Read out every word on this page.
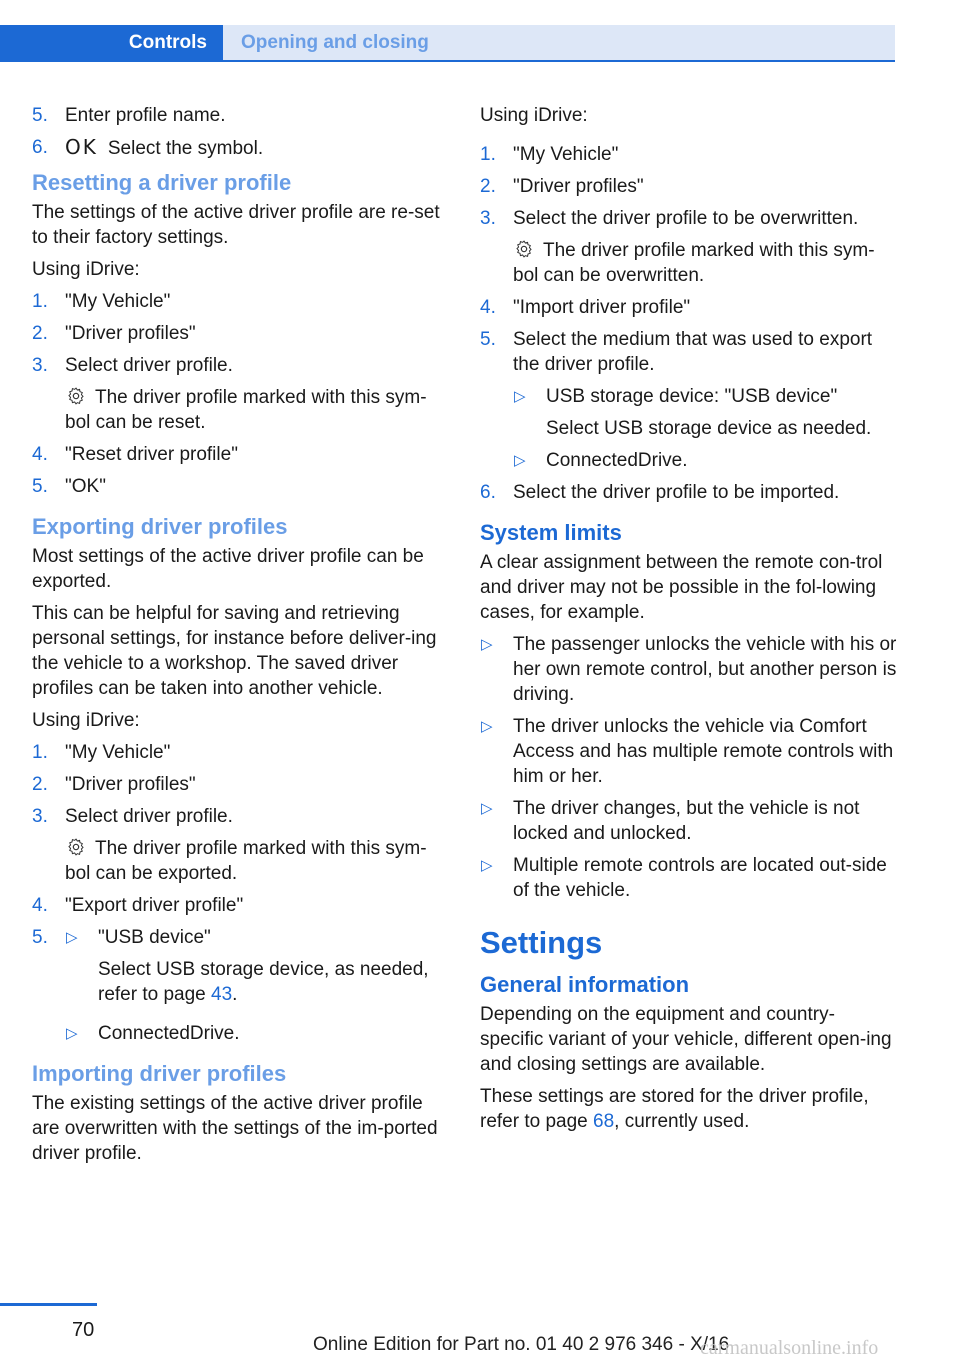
Controls	Opening and closing
5. Enter profile name.
6. OK Select the symbol.
Resetting a driver profile

The settings of the active driver profile are re-set to their factory settings.

Using iDrive:

1. "My Vehicle"
2. "Driver profiles"
3. Select driver profile.
The driver profile marked with this sym-bol can be reset.
4. "Reset driver profile"
5. "OK"
Exporting driver profiles

Most settings of the active driver profile can be exported.

This can be helpful for saving and retrieving personal settings, for instance before deliver-ing the vehicle to a workshop. The saved driver profiles can be taken into another vehicle.

Using iDrive:

1. "My Vehicle"
2. "Driver profiles"
3. Select driver profile.
The driver profile marked with this sym-bol can be exported.
4. "Export driver profile"
5. ▷ "USB device"
Select USB storage device, as needed, refer to page 43.
▷ ConnectedDrive.
Importing driver profiles

The existing settings of the active driver profile are overwritten with the settings of the im-ported driver profile.

Using iDrive:

1. "My Vehicle"
2. "Driver profiles"
3. Select the driver profile to be overwritten.
The driver profile marked with this sym-bol can be overwritten.
4. "Import driver profile"
5. Select the medium that was used to export the driver profile.
▷ USB storage device: "USB device"
Select USB storage device as needed.
▷ ConnectedDrive.
6. Select the driver profile to be imported.
System limits

A clear assignment between the remote con-trol and driver may not be possible in the fol-lowing cases, for example.

▷ The passenger unlocks the vehicle with his or her own remote control, but another person is driving.
▷ The driver unlocks the vehicle via Comfort Access and has multiple remote controls with him or her.
▷ The driver changes, but the vehicle is not locked and unlocked.
▷ Multiple remote controls are located out-side of the vehicle.
Settings
General information

Depending on the equipment and country-specific variant of your vehicle, different open-ing and closing settings are available.

These settings are stored for the driver profile, refer to page 68, currently used.

70
Online Edition for Part no. 01 40 2 976 346 - X/16
carmanualsonline.info
